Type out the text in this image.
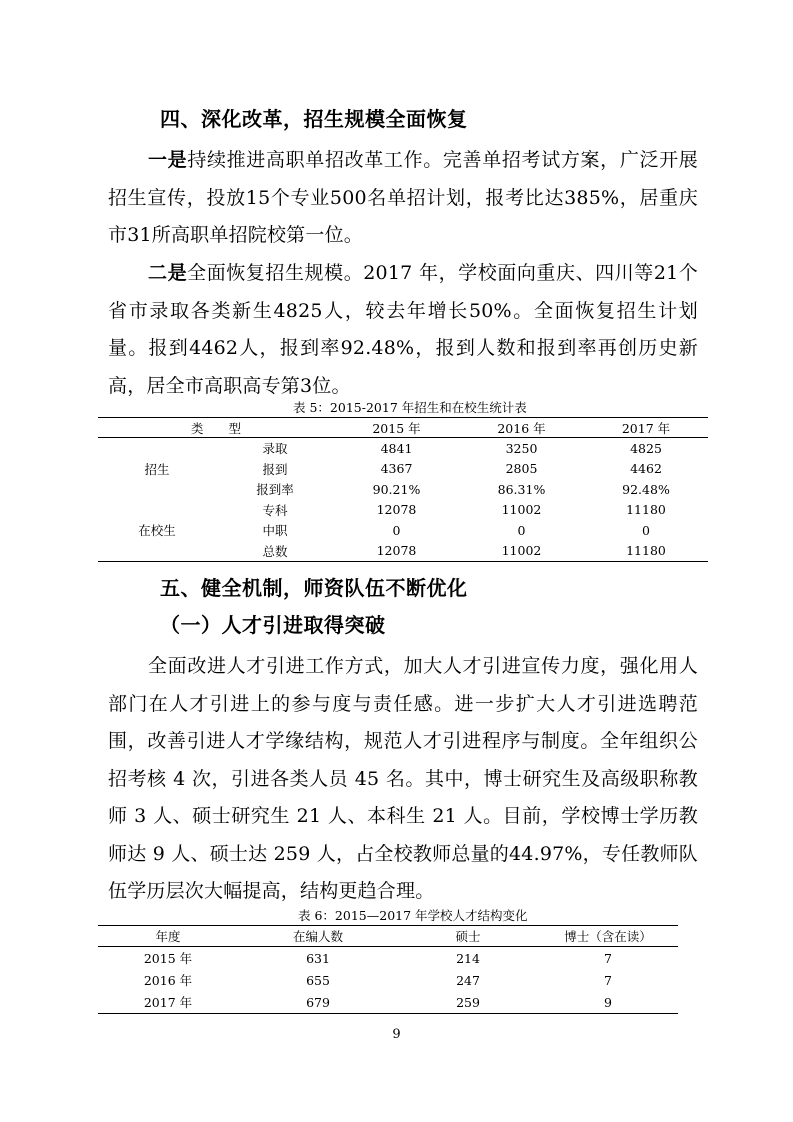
四、深化改革，招生规模全面恢复
一是持续推进高职单招改革工作。完善单招考试方案，广泛开展招生宣传，投放15个专业500名单招计划，报考比达385%，居重庆市31所高职单招院校第一位。
二是全面恢复招生规模。2017 年，学校面向重庆、四川等21个省市录取各类新生4825人，较去年增长50%。全面恢复招生计划量。报到4462人，报到率92.48%，报到人数和报到率再创历史新高，居全市高职高专第3位。
表 5：2015-2017 年招生和在校生统计表
类　　型		2015 年	2016 年	2017 年
招生	录取	4841	3250	4825
	报到	4367	2805	4462
	报到率	90.21%	86.31%	92.48%
在校生	专科	12078	11002	11180
	中职	0	0	0
	总数	12078	11002	11180
五、健全机制，师资队伍不断优化
（一）人才引进取得突破
全面改进人才引进工作方式，加大人才引进宣传力度，强化用人部门在人才引进上的参与度与责任感。进一步扩大人才引进选聘范围，改善引进人才学缘结构，规范人才引进程序与制度。全年组织公招考核 4 次，引进各类人员 45 名。其中，博士研究生及高级职称教师 3 人、硕士研究生 21 人、本科生 21 人。目前，学校博士学历教师达 9 人、硕士达 259 人，占全校教师总量的44.97%，专任教师队伍学历层次大幅提高，结构更趋合理。
表 6：2015—2017 年学校人才结构变化
年度	在编人数	硕士	博士（含在读）
2015 年	631	214	7
2016 年	655	247	7
2017 年	679	259	9
9
